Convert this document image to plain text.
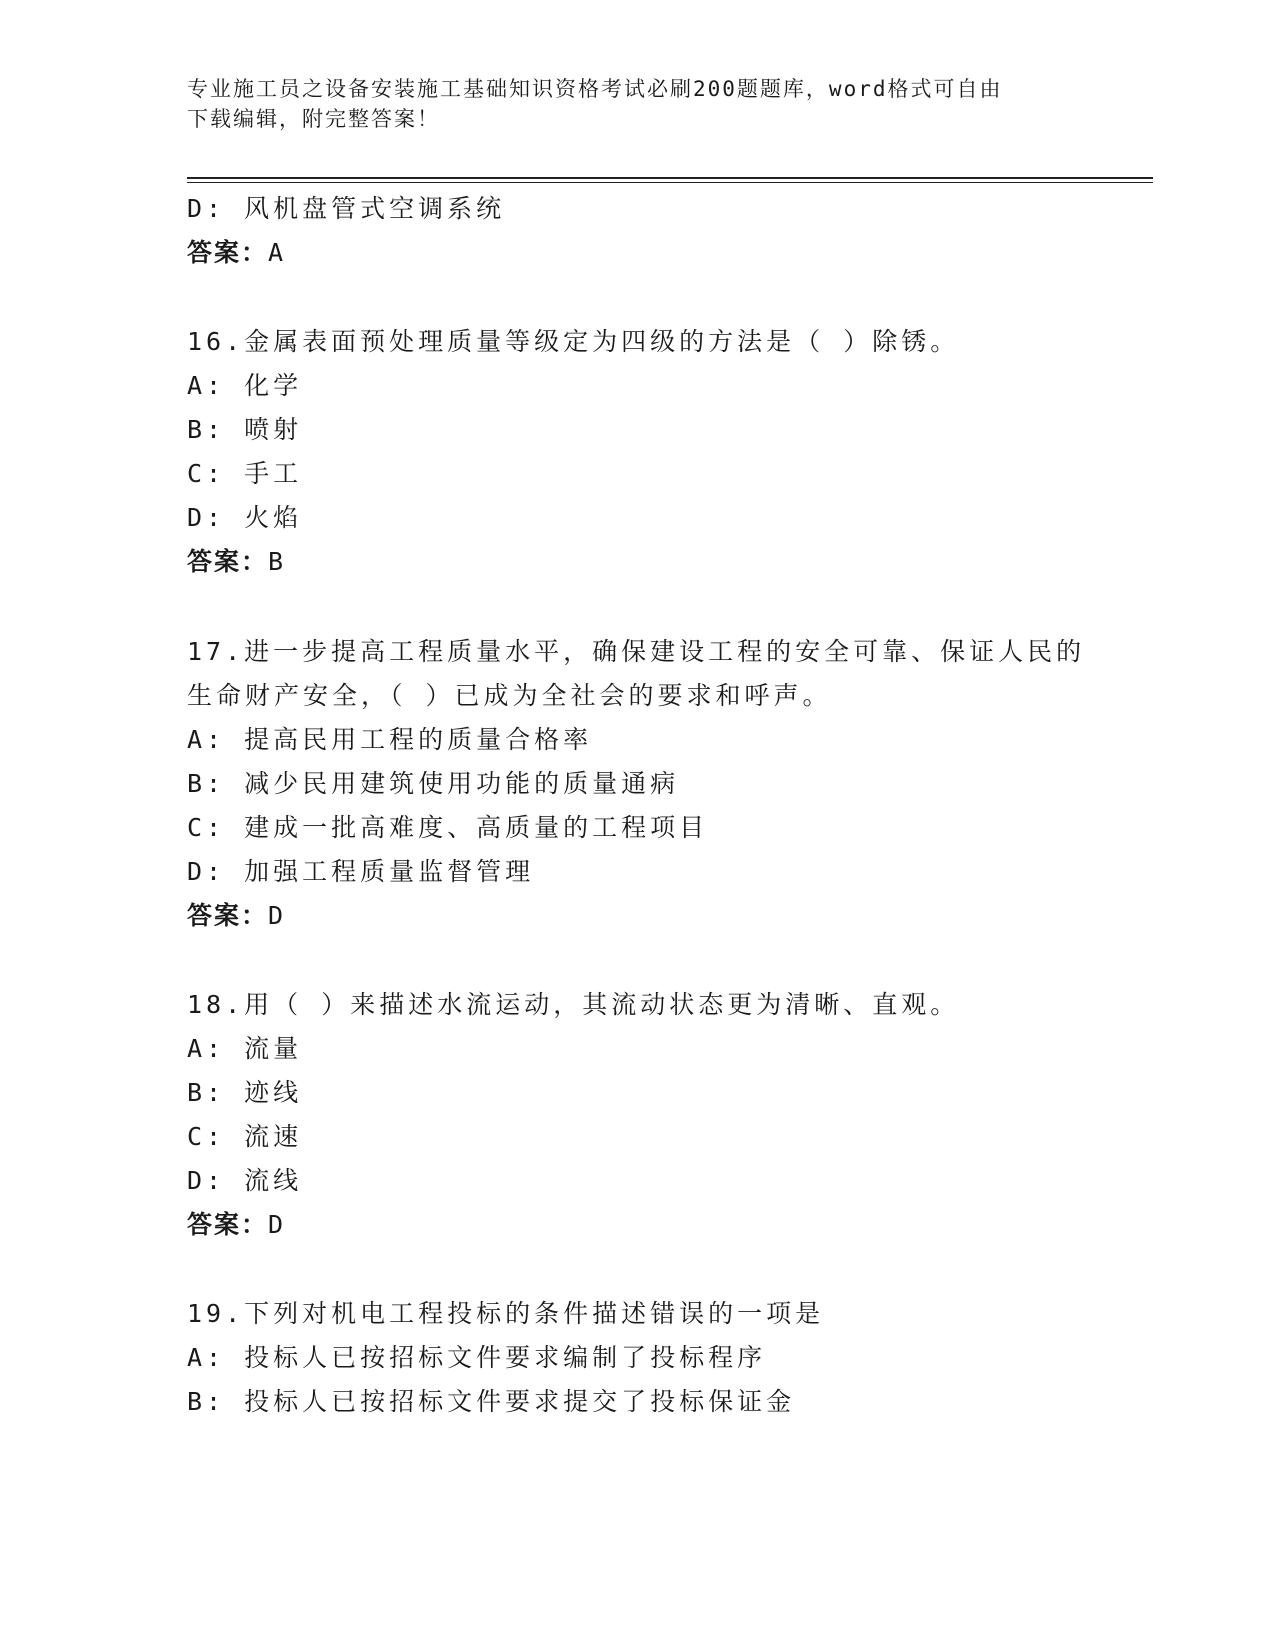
专业施工员之设备安装施工基础知识资格考试必刷200题题库，word格式可自由
下载编辑，附完整答案！
D: 风机盘管式空调系统
答案：A
16.金属表面预处理质量等级定为四级的方法是（ ）除锈。
A: 化学
B: 喷射
C: 手工
D: 火焰
答案：B
17.进一步提高工程质量水平，确保建设工程的安全可靠、保证人民的
生命财产安全，（ ）已成为全社会的要求和呼声。
A: 提高民用工程的质量合格率
B: 减少民用建筑使用功能的质量通病
C: 建成一批高难度、高质量的工程项目
D: 加强工程质量监督管理
答案：D
18.用（ ）来描述水流运动，其流动状态更为清晰、直观。
A: 流量
B: 迹线
C: 流速
D: 流线
答案：D
19.下列对机电工程投标的条件描述错误的一项是
A: 投标人已按招标文件要求编制了投标程序
B: 投标人已按招标文件要求提交了投标保证金
